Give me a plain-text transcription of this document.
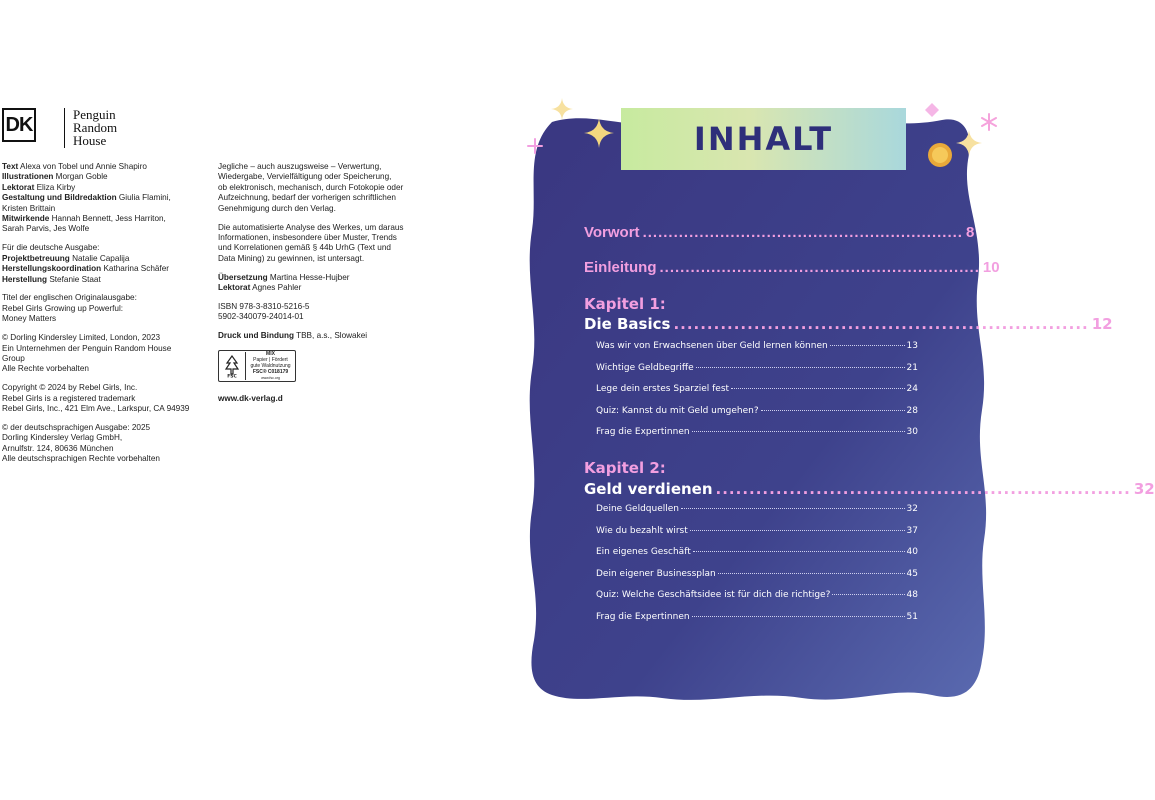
DK	Penguin
Random
House

Text Alexa von Tobel und Annie Shapiro
Illustrationen Morgan Goble
Lektorat Eliza Kirby
Gestaltung und Bildredaktion Giulia Flamini,
Kristen Brittain
Mitwirkende Hannah Bennett, Jess Harriton,
Sarah Parvis, Jes Wolfe

Für die deutsche Ausgabe:
Projektbetreuung Natalie Capalija
Herstellungskoordination Katharina Schäfer
Herstellung Stefanie Staat

Titel der englischen Originalausgabe:
Rebel Girls Growing up Powerful:
Money Matters

© Dorling Kindersley Limited, London, 2023
Ein Unternehmen der Penguin Random House
Group
Alle Rechte vorbehalten

Copyright © 2024 by Rebel Girls, Inc.
Rebel Girls is a registered trademark
Rebel Girls, Inc., 421 Elm Ave., Larkspur, CA 94939

© der deutschsprachigen Ausgabe: 2025
Dorling Kindersley Verlag GmbH,
Arnulfstr. 124, 80636 München
Alle deutschsprachigen Rechte vorbehalten

Jegliche – auch auszugsweise – Verwertung,
Wiedergabe, Vervielfältigung oder Speicherung,
ob elektronisch, mechanisch, durch Fotokopie oder
Aufzeichnung, bedarf der vorherigen schriftlichen
Genehmigung durch den Verlag.

Die automatisierte Analyse des Werkes, um daraus
Informationen, insbesondere über Muster, Trends
und Korrelationen gemäß § 44b UrhG (Text und
Data Mining) zu gewinnen, ist untersagt.

Übersetzung Martina Hesse-Hujber
Lektorat Agnes Pahler

ISBN 978-3-8310-5216-5
5902-340079-24014-01

Druck und Bindung TBB, a.s., Slowakei

FSC
MIX
Papier | Fördert
gute Waldnutzung
FSC® C018179
www.fsc.org
www.dk-verlag.d
INHALT
Vorwort .............................................................. 8
Einleitung .............................................................. 10
Kapitel 1:
Die Basics .............................................................. 12
Was wir von Erwachsenen über Geld lernen können	13
Wichtige Geldbegriffe	21
Lege dein erstes Sparziel fest	24
Quiz: Kannst du mit Geld umgehen?	28
Frag die Expertinnen	30
Kapitel 2:
Geld verdienen .............................................................. 32
Deine Geldquellen	32
Wie du bezahlt wirst	37
Ein eigenes Geschäft	40
Dein eigener Businessplan	45
Quiz: Welche Geschäftsidee ist für dich die richtige?	48
Frag die Expertinnen	51
